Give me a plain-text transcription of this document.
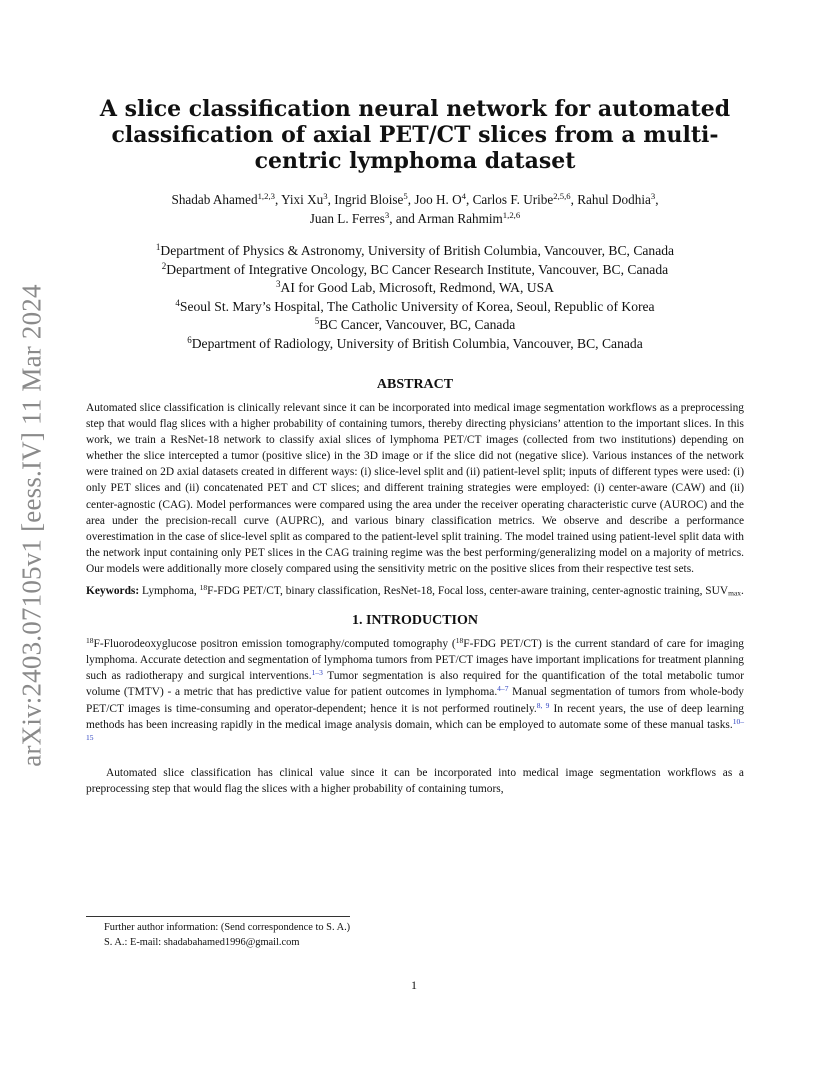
arXiv:2403.07105v1 [eess.IV] 11 Mar 2024
A slice classification neural network for automated classification of axial PET/CT slices from a multi-centric lymphoma dataset
Shadab Ahamed$^{1,2,3}$, Yixi Xu$^3$, Ingrid Bloise$^5$, Joo H. $O^4$, Carlos F. Uribe$^{2,5,6}$, Rahul Dodhia$^3$,
Juan L. Ferres$^3$, and Arman Rahmim$^{1,2,6}$
$^1$Department of Physics & Astronomy, University of British Columbia, Vancouver, BC, Canada
$^2$Department of Integrative Oncology, BC Cancer Research Institute, Vancouver, BC, Canada
$^3$AI for Good Lab, Microsoft, Redmond, WA, USA
$^4$Seoul St. Mary’s Hospital, The Catholic University of Korea, Seoul, Republic of Korea
$^5$BC Cancer, Vancouver, BC, Canada
$^6$Department of Radiology, University of British Columbia, Vancouver, BC, Canada
ABSTRACT
Automated slice classification is clinically relevant since it can be incorporated into medical image segmentation workflows as a preprocessing step that would flag slices with a higher probability of containing tumors, thereby directing physicians’ attention to the important slices. In this work, we train a ResNet-18 network to classify axial slices of lymphoma PET/CT images (collected from two institutions) depending on whether the slice intercepted a tumor (positive slice) in the 3D image or if the slice did not (negative slice). Various instances of the network were trained on 2D axial datasets created in different ways: (i) slice-level split and (ii) patient-level split; inputs of different types were used: (i) only PET slices and (ii) concatenated PET and CT slices; and different training strategies were employed: (i) center-aware (CAW) and (ii) center-agnostic (CAG). Model performances were compared using the area under the receiver operating characteristic curve (AUROC) and the area under the precision-recall curve (AUPRC), and various binary classification metrics. We observe and describe a performance overestimation in the case of slice-level split as compared to the patient-level split training. The model trained using patient-level split data with the network input containing only PET slices in the CAG training regime was the best performing/generalizing model on a majority of metrics. Our models were additionally more closely compared using the sensitivity metric on the positive slices from their respective test sets.
Keywords: Lymphoma, $^{18}$F-FDG PET/CT, binary classification, ResNet-18, Focal loss, center-aware training, center-agnostic training, $SUV_{max}$.
1. INTRODUCTION
$^{18}$F-Fluorodeoxyglucose positron emission tomography/computed tomography ($^{18}$F-FDG PET/CT) is the current standard of care for imaging lymphoma. Accurate detection and segmentation of lymphoma tumors from PET/CT images have important implications for treatment planning such as radiotherapy and surgical interventions.$^{1-3}$ Tumor segmentation is also required for the quantification of the total metabolic tumor volume (TMTV) - a metric that has predictive value for patient outcomes in lymphoma.$^{4-7}$ Manual segmentation of tumors from whole-body PET/CT images is time-consuming and operator-dependent; hence it is not performed routinely.$^{8, 9}$ In recent years, the use of deep learning methods has been increasing rapidly in the medical image analysis domain, which can be employed to automate some of these manual tasks.$^{10-15}$
Automated slice classification has clinical value since it can be incorporated into medical image segmentation workflows as a preprocessing step that would flag the slices with a higher probability of containing tumors,
Further author information: (Send correspondence to S. A.)
S. A.: E-mail: shadabahamed1996@gmail.com
1
